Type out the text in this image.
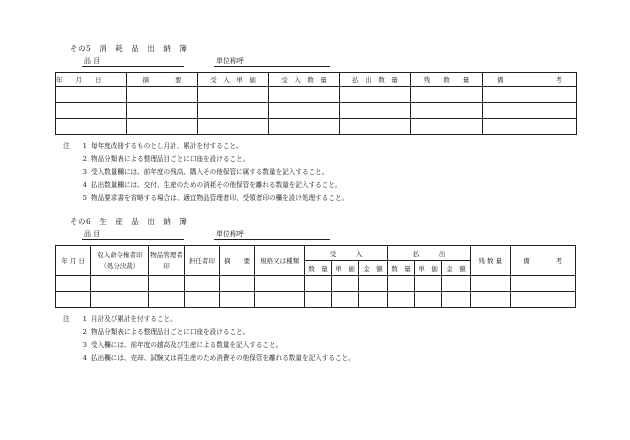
その5　消　耗　品　出　納　簿
品 目	単位称呼
年　　月　　日	摘　　　　要	受　入　単　価	受　入　数　量	払　出　数　量	残　　数　　量	備　　　　　　　　考

注 1 毎年度改冊するものとし月計、累計を付すること。
2 物品分類表による整理品目ごとに口座を設けること。
3 受入数量欄には、前年度の残高、購入その他保管に属する数量を記入すること。
4 払出数量欄には、交付、生産のための消耗その他保管を離れる数量を記入すること。
5 物品要求書を省略する場合は、適宜物品管理者印、受領者印の欄を設け処理すること。
その6　生　産　品　出　納　簿
品 目	単位称呼
年 月 日	収入命令権者印（処分決裁）	物品管理者印	担任者印	摘　　要	規格又は種類	受　　　入			払　　　出			残 数 量	備　　　　考
						数　量	単　価	金　額	数　量	単　価	金　額		

注 1 月計及び累計を付すること。
2 物品分類表による整理品目ごとに口座を設けること。
3 受入欄には、前年度の越高及び生産による数量を記入すること。
4 払出欄には、売却、試験又は再生産のため消費その他保管を離れる数量を記入すること。
